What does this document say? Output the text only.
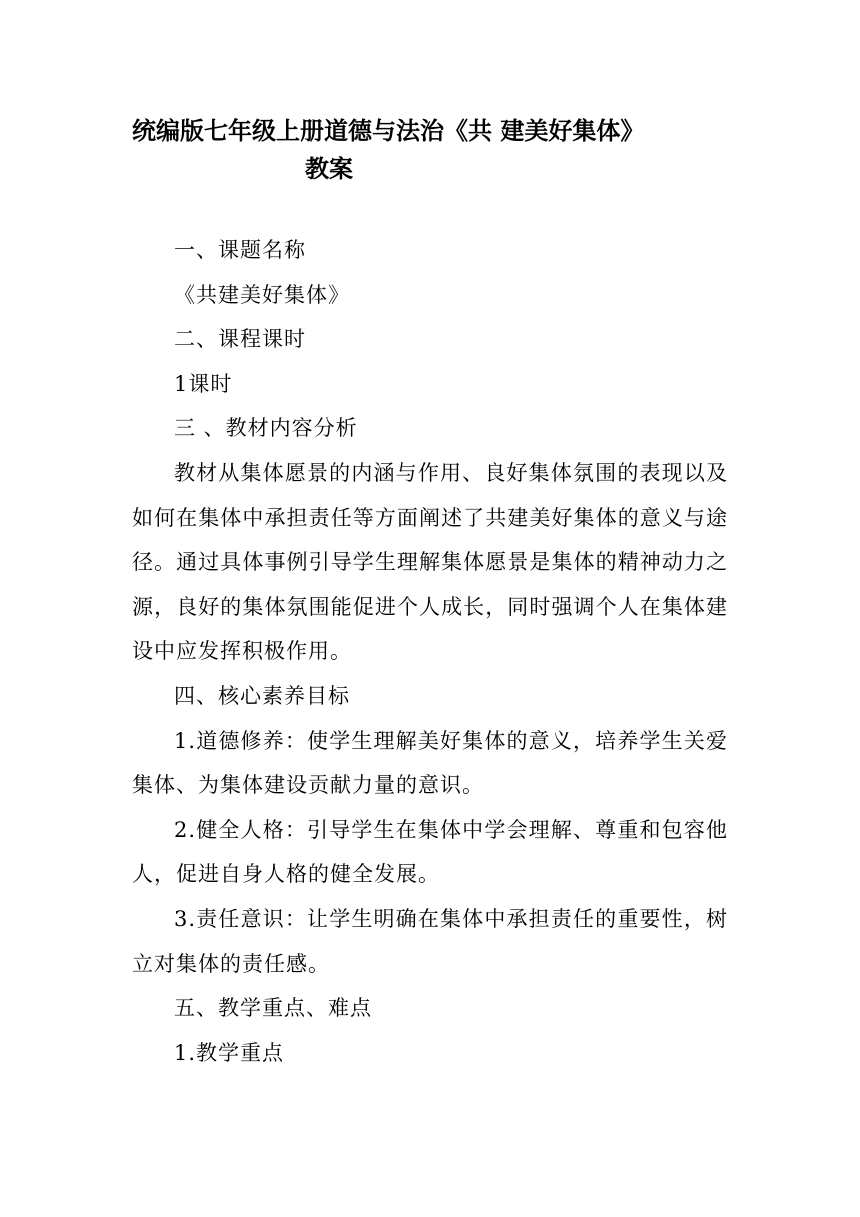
统编版七年级上册道德与法治《共 建美好集体》
教案

一、课题名称

《共建美好集体》

二、课程课时

1课时

三 、教材内容分析

教材从集体愿景的内涵与作用、良好集体氛围的表现以及如何在集体中承担责任等方面阐述了共建美好集体的意义与途径。通过具体事例引导学生理解集体愿景是集体的精神动力之源，良好的集体氛围能促进个人成长，同时强调个人在集体建设中应发挥积极作用。

四、核心素养目标

1.道德修养：使学生理解美好集体的意义，培养学生关爱集体、为集体建设贡献力量的意识。

2.健全人格：引导学生在集体中学会理解、尊重和包容他人，促进自身人格的健全发展。

3.责任意识：让学生明确在集体中承担责任的重要性，树立对集体的责任感。

五、教学重点、难点

1.教学重点
